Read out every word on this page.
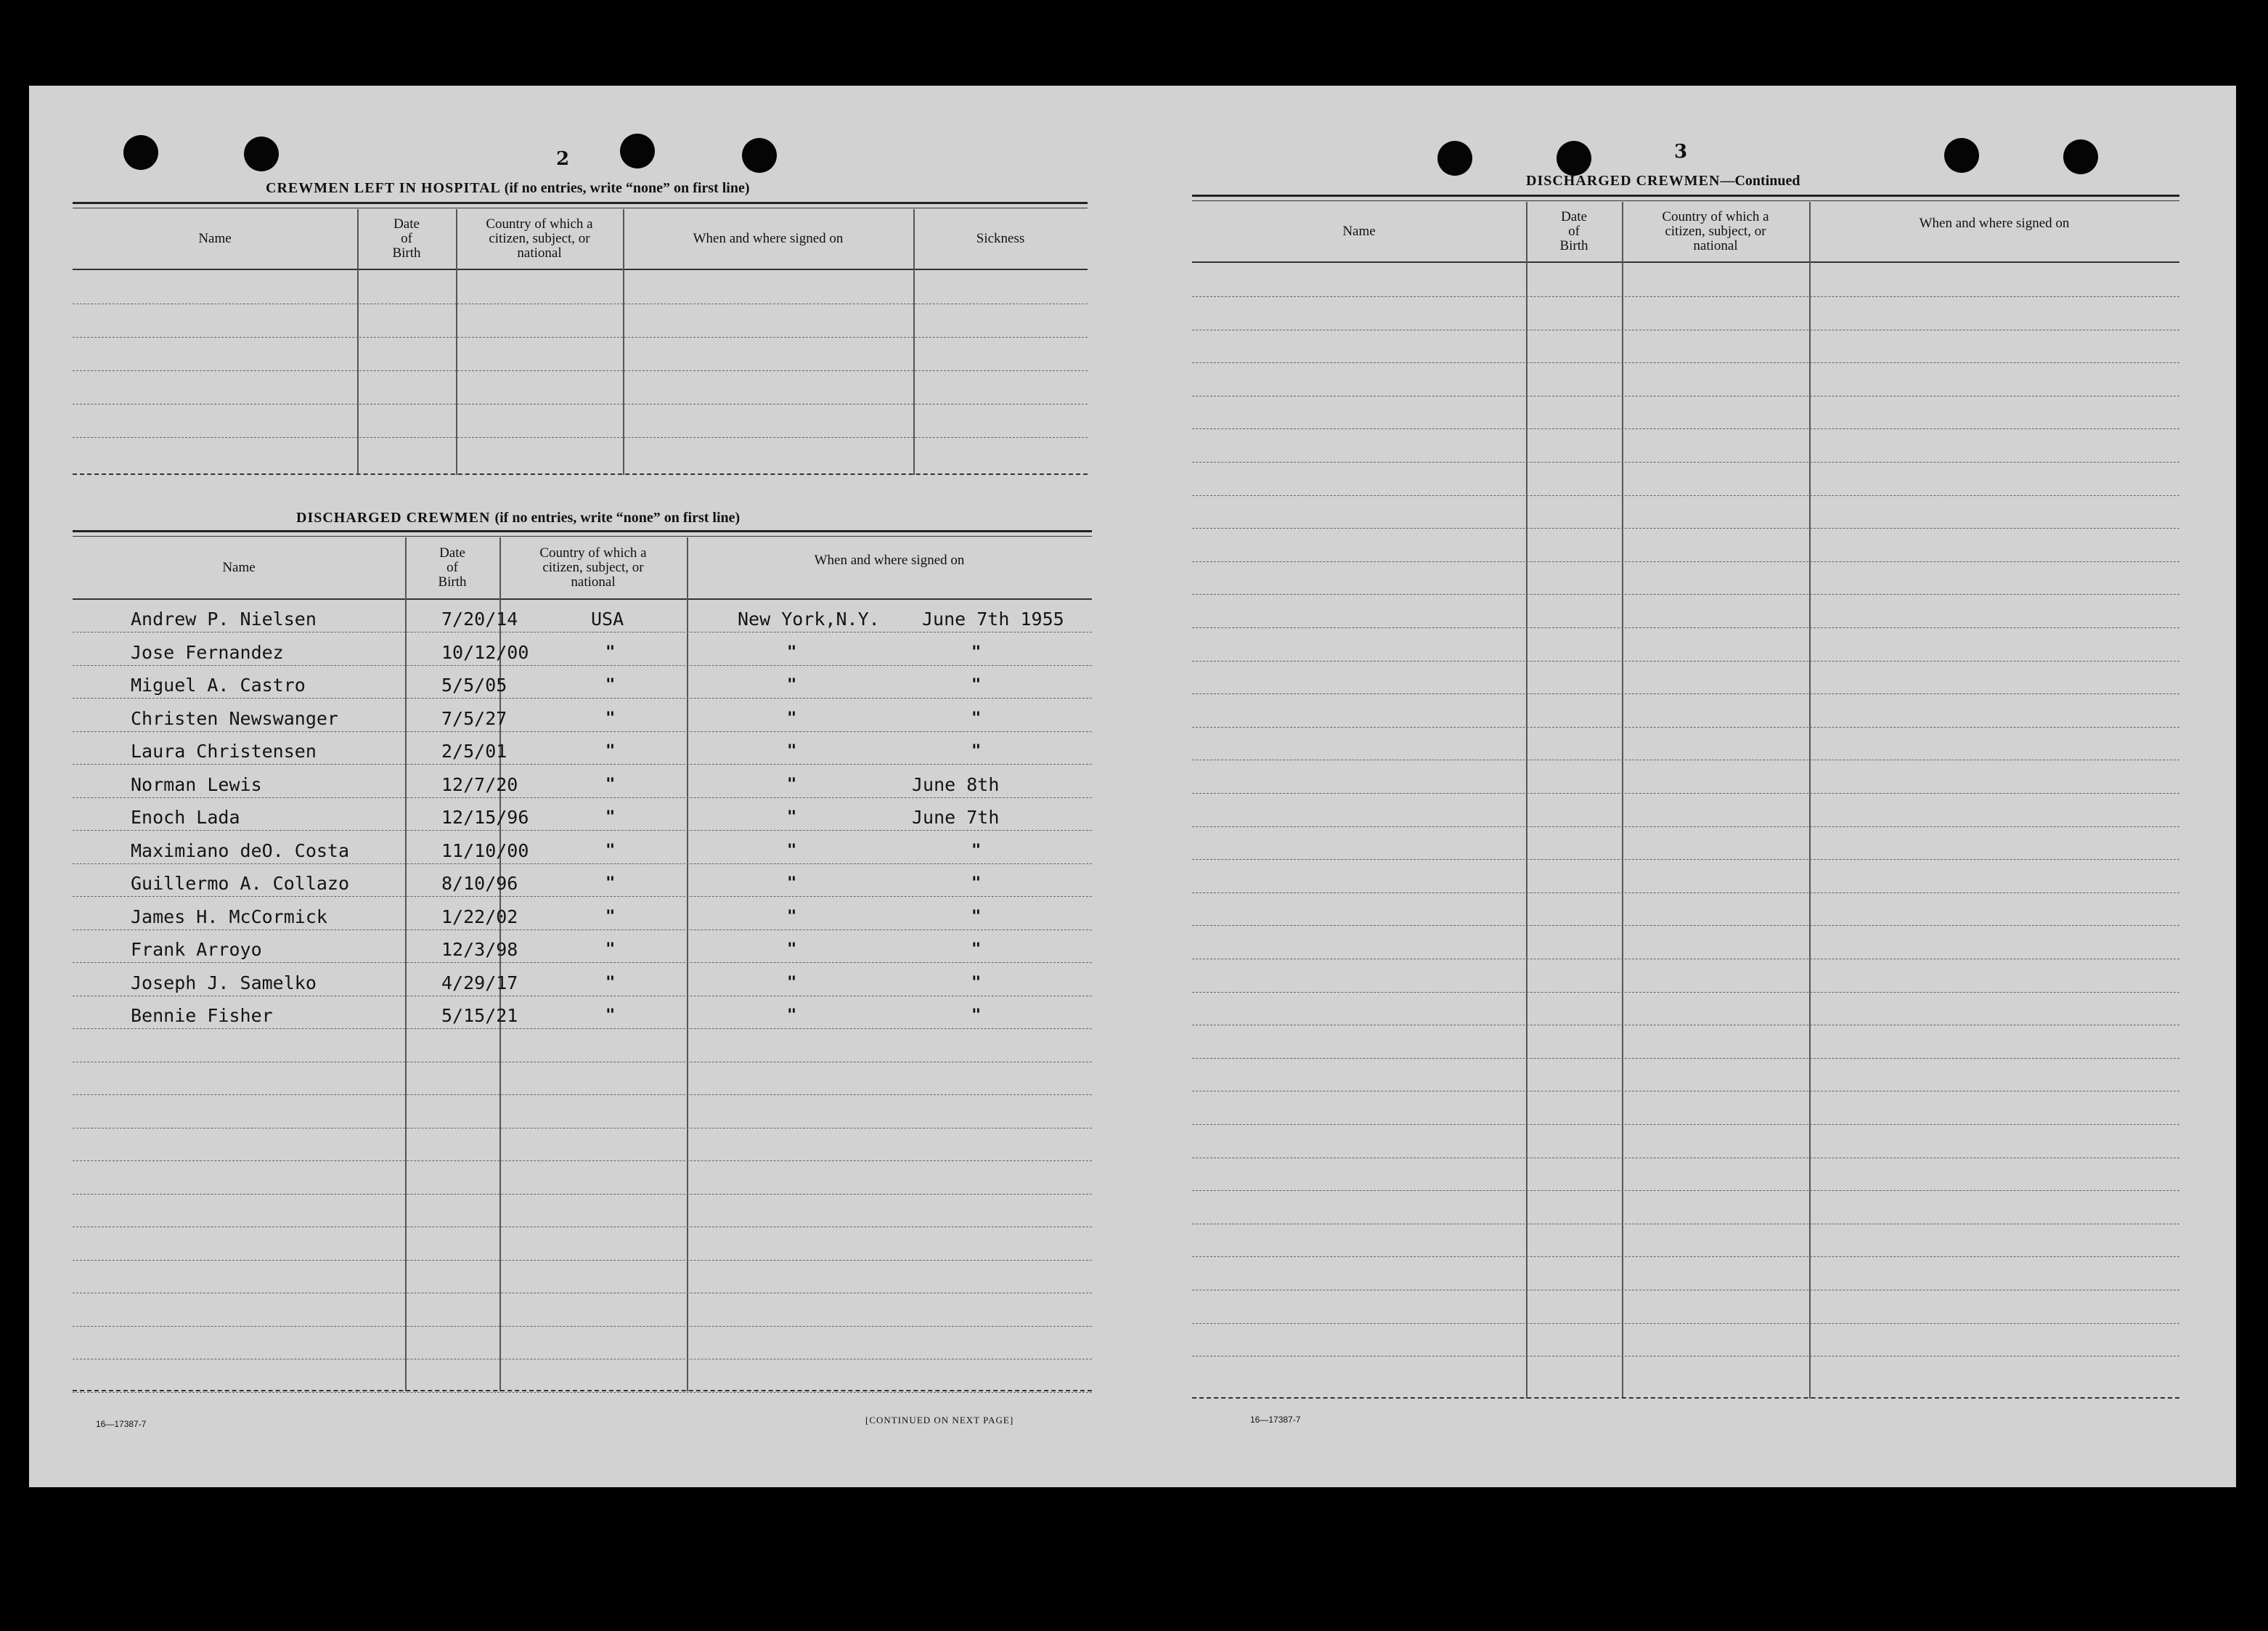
2
CREWMEN LEFT IN HOSPITAL (if no entries, write “none” on first line)
Name
Date
of
Birth
Country of which a
citizen, subject, or
national
When and where signed on	Sickness
DISCHARGED CREWMEN (if no entries, write “none” on first line)
Name
Date
of
Birth
Country of which a
citizen, subject, or
national
When and where signed on
Andrew P. Nielsen	7/20/14	USA	New York,N.Y. June 7th 1955
Jose Fernandez	10/12/00	"	"	"
Miguel A. Castro	5/5/05	"	"	"
Christen Newswanger	7/5/27	"	"	"
Laura Christensen	2/5/01	"	"	"
Norman Lewis	12/7/20	"	"	June 8th
Enoch Lada	12/15/96	"	"	June 7th
Maximiano deO. Costa	11/10/00	"	"	"
Guillermo A. Collazo	8/10/96	"	"	"
James H. McCormick	1/22/02	"	"	"
Frank Arroyo	12/3/98	"	"	"
Joseph J. Samelko	4/29/17	"	"	"
Bennie Fisher	5/15/21	"	"	"
16—17387-7	[CONTINUED ON NEXT PAGE]
3
DISCHARGED CREWMEN—Continued
Name
Date
of
Birth
Country of which a
citizen, subject, or
national
When and where signed on
16—17387-7
